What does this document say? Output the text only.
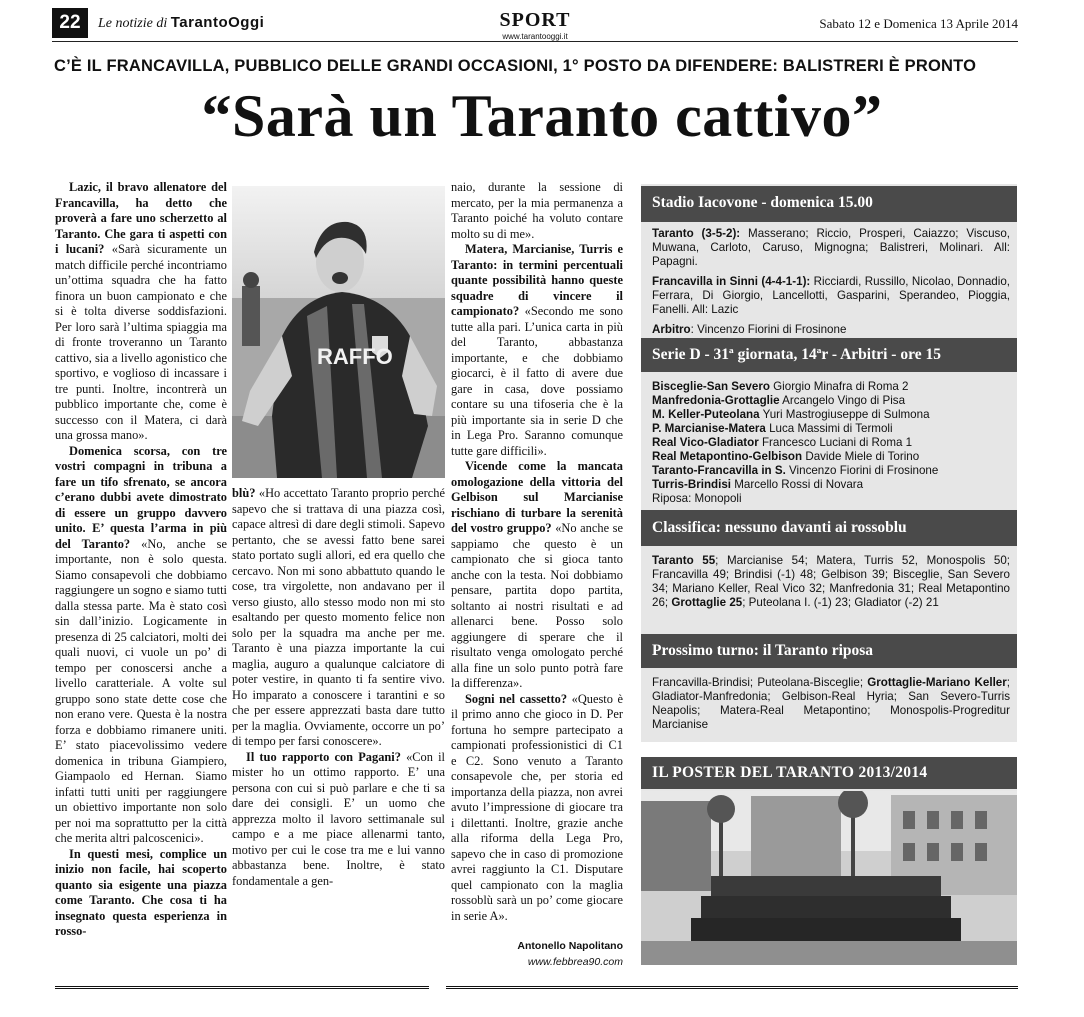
22	Le notizie di TarantoOggi	SPORT
www.tarantooggi.it
Sabato 12 e Domenica 13 Aprile 2014
C’È IL FRANCAVILLA, PUBBLICO DELLE GRANDI OCCASIONI, 1° POSTO DA DIFENDERE: BALISTRERI È PRONTO
“Sarà un Taranto cattivo”

Lazic, il bravo allenatore del Francavilla, ha detto che proverà a fare uno scherzetto al Taranto. Che gara ti aspetti con i lucani? «Sarà sicuramente un match difficile perché incontriamo un’ottima squadra che ha fatto finora un buon campionato e che si è tolta diverse soddisfazioni. Per loro sarà l’ultima spiaggia ma di fronte troveranno un Taranto cattivo, sia a livello agonistico che sportivo, e voglioso di incassare i tre punti. Inoltre, incontrerà un pubblico importante che, come è successo con il Matera, ci darà una grossa mano».

Domenica scorsa, con tre vostri compagni in tribuna a fare un tifo sfrenato, se ancora c’erano dubbi avete dimostrato di essere un gruppo davvero unito. E’ questa l’arma in più del Taranto? «No, anche se importante, non è solo questa. Siamo consapevoli che dobbiamo raggiungere un sogno e siamo tutti dalla stessa parte. Ma è stato così sin dall’inizio. Logicamente in presenza di 25 calciatori, molti dei quali nuovi, ci vuole un po’ di tempo per conoscersi anche a livello caratteriale. A volte sul gruppo sono state dette cose che non erano vere. Questa è la nostra forza e dobbiamo rimanere uniti. E’ stato piacevolissimo vedere domenica in tribuna Giampiero, Giampaolo ed Hernan. Siamo infatti tutti uniti per raggiungere un obiettivo importante non solo per noi ma soprattutto per la città che merita altri palcoscenici».

In questi mesi, complice un inizio non facile, hai scoperto quanto sia esigente una piazza come Taranto. Che cosa ti ha insegnato questa esperienza in rosso-

RAFFO

blù? «Ho accettato Taranto proprio perché sapevo che si trattava di una piazza così, capace altresì di dare degli stimoli. Sapevo pertanto, che se avessi fatto bene sarei stato portato sugli allori, ed era quello che cercavo. Non mi sono abbattuto quando le cose, tra virgolette, non andavano per il verso giusto, allo stesso modo non mi sto esaltando per questo momento felice non solo per la squadra ma anche per me. Taranto è una piazza importante la cui maglia, auguro a qualunque calciatore di poter vestire, in quanto ti fa sentire vivo. Ho imparato a conoscere i tarantini e so che per essere apprezzati basta dare tutto per la maglia. Ovviamente, occorre un po’ di tempo per farsi conoscere».

Il tuo rapporto con Pagani? «Con il mister ho un ottimo rapporto. E’ una persona con cui si può parlare e che ti sa dare dei consigli. E’ un uomo che apprezza molto il lavoro settimanale sul campo e a me piace allenarmi tanto, motivo per cui le cose tra me e lui vanno abbastanza bene. Inoltre, è stato fondamentale a gen-

naio, durante la sessione di mercato, per la mia permanenza a Taranto poiché ha voluto contare molto su di me».

Matera, Marcianise, Turris e Taranto: in termini percentuali quante possibilità hanno queste squadre di vincere il campionato? «Secondo me sono tutte alla pari. L’unica carta in più del Taranto, abbastanza importante, e che dobbiamo giocarci, è il fatto di avere due gare in casa, dove possiamo contare su una tifoseria che è la più importante sia in serie D che in Lega Pro. Saranno comunque tutte gare difficili».

Vicende come la mancata omologazione della vittoria del Gelbison sul Marcianise rischiano di turbare la serenità del vostro gruppo? «No anche se sappiamo che questo è un campionato che si gioca tanto anche con la testa. Noi dobbiamo pensare, partita dopo partita, soltanto ai nostri risultati e ad allenarci bene. Posso solo aggiungere di sperare che il risultato venga omologato perché alla fine un solo punto potrà fare la differenza».

Sogni nel cassetto? «Questo è il primo anno che gioco in D. Per fortuna ho sempre partecipato a campionati professionistici di C1 e C2. Sono venuto a Taranto consapevole che, per storia ed importanza della piazza, non avrei avuto l’impressione di giocare tra i dilettanti. Inoltre, grazie anche alla riforma della Lega Pro, sapevo che in caso di promozione avrei raggiunto la C1. Disputare quel campionato con la maglia rossoblù sarà un po’ come giocare in serie A».

Antonello Napolitano
www.febbrea90.com
Stadio Iacovone - domenica 15.00
Taranto (3-5-2): Masserano; Riccio, Prosperi, Caiazzo; Viscuso, Muwana, Carloto, Caruso, Mignogna; Balistreri, Molinari. All: Papagni.
Francavilla in Sinni (4-4-1-1): Ricciardi, Russillo, Nicolao, Donnadio, Ferrara, Di Giorgio, Lancellotti, Gasparini, Sperandeo, Pioggia, Fanelli. All: Lazic
Arbitro: Vincenzo Fiorini di Frosinone
Serie D - 31ª giornata, 14ªr - Arbitri - ore 15
Bisceglie-San Severo Giorgio Minafra di Roma 2
Manfredonia-Grottaglie Arcangelo Vingo di Pisa
M. Keller-Puteolana Yuri Mastrogiuseppe di Sulmona
P. Marcianise-Matera Luca Massimi di Termoli
Real Vico-Gladiator Francesco Luciani di Roma 1
Real Metapontino-Gelbison Davide Miele di Torino
Taranto-Francavilla in S. Vincenzo Fiorini di Frosinone
Turris-Brindisi Marcello Rossi di Novara
Riposa: Monopoli
Classifica: nessuno davanti ai rossoblu
Taranto 55; Marcianise 54; Matera, Turris 52, Monospolis 50; Francavilla 49; Brindisi (-1) 48; Gelbison 39; Bisceglie, San Severo 34; Mariano Keller, Real Vico 32; Manfredonia 31; Real Metapontino 26; Grottaglie 25; Puteolana I. (-1) 23; Gladiator (-2) 21
Prossimo turno: il Taranto riposa
Francavilla-Brindisi; Puteolana-Bisceglie; Grottaglie-Mariano Keller; Gladiator-Manfredonia; Gelbison-Real Hyria; San Severo-Turris Neapolis; Matera-Real Metapontino; Monospolis-Progreditur Marcianise
IL POSTER DEL TARANTO 2013/2014
